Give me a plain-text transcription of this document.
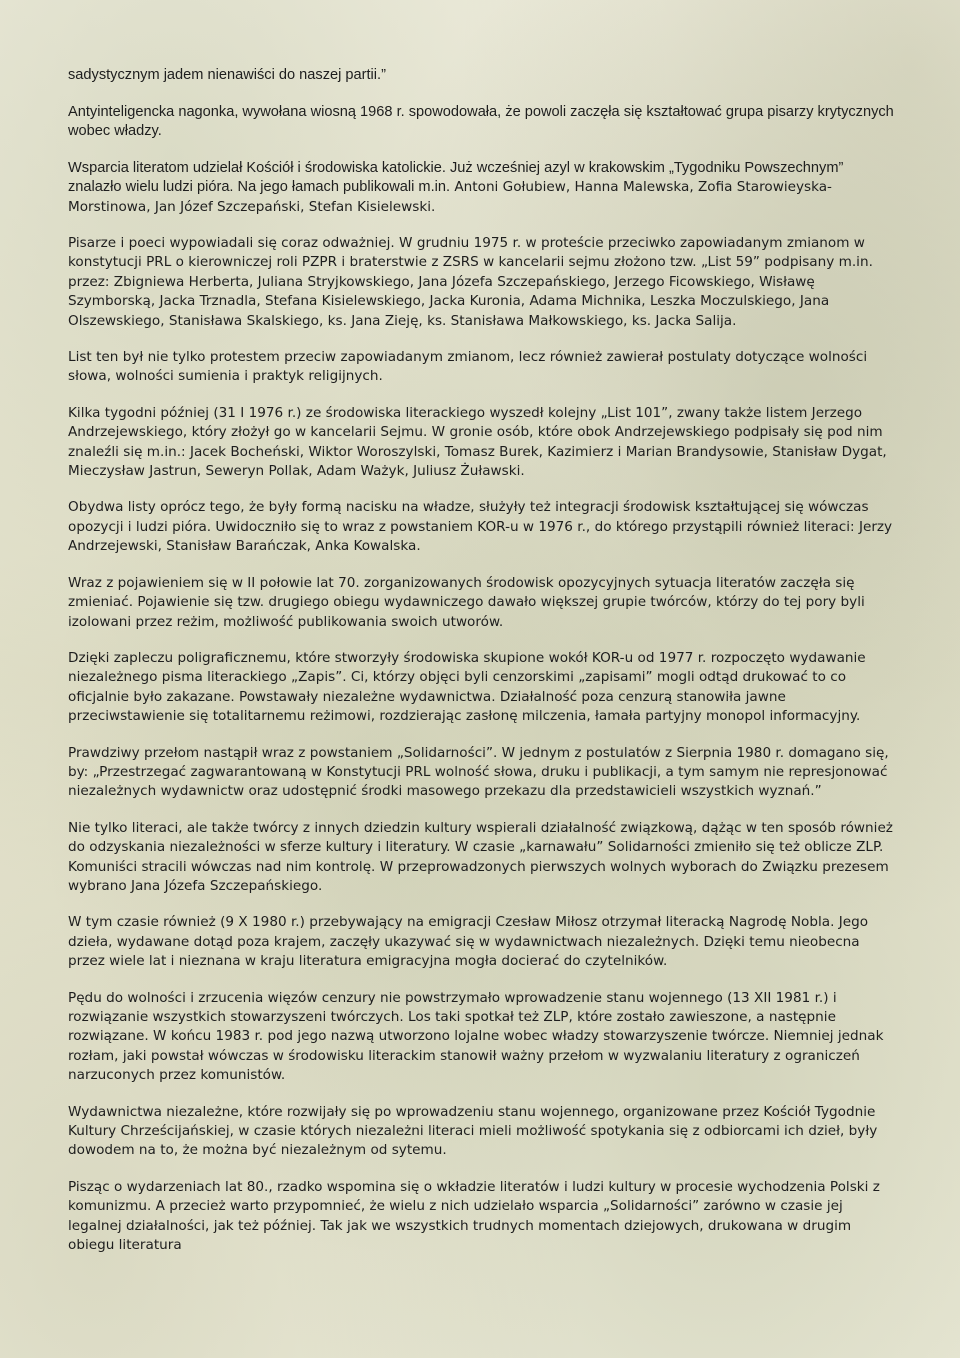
sadystycznym jadem nienawiści do naszej partii.”

Antyinteligencka nagonka, wywołana wiosną 1968 r. spowodowała, że powoli zaczęła się kształtować grupa pisarzy krytycznych wobec władzy.

Wsparcia literatom udzielał Kościół i środowiska katolickie. Już wcześniej azyl w krakowskim „Tygodniku Powszechnym” znalazło wielu ludzi pióra. Na jego łamach publikowali m.in. Antoni Gołubiew, Hanna Malewska, Zofia Starowieyska-Morstinowa, Jan Józef Szczepański, Stefan Kisielewski.

Pisarze i poeci wypowiadali się coraz odważniej. W grudniu 1975 r. w proteście przeciwko zapowiadanym zmianom w konstytucji PRL o kierowniczej roli PZPR i braterstwie z ZSRS w kancelarii sejmu złożono tzw. „List 59” podpisany m.in. przez: Zbigniewa Herberta, Juliana Stryjkowskiego, Jana Józefa Szczepańskiego, Jerzego Ficowskiego, Wisławę Szymborską, Jacka Trznadla, Stefana Kisielewskiego, Jacka Kuronia, Adama Michnika, Leszka Moczulskiego, Jana Olszewskiego, Stanisława Skalskiego, ks. Jana Zieję, ks. Stanisława Małkowskiego, ks. Jacka Salija.

List ten był nie tylko protestem przeciw zapowiadanym zmianom, lecz również zawierał postulaty dotyczące wolności słowa, wolności sumienia i praktyk religijnych.

Kilka tygodni później (31 I 1976 r.) ze środowiska literackiego wyszedł kolejny „List 101”, zwany także listem Jerzego Andrzejewskiego, który złożył go w kancelarii Sejmu. W gronie osób, które obok Andrzejewskiego podpisały się pod nim znaleźli się m.in.: Jacek Bocheński, Wiktor Woroszylski, Tomasz Burek, Kazimierz i Marian Brandysowie, Stanisław Dygat, Mieczysław Jastrun, Seweryn Pollak, Adam Ważyk, Juliusz Żuławski.

Obydwa listy oprócz tego, że były formą nacisku na władze, służyły też integracji środowisk kształtującej się wówczas opozycji i ludzi pióra. Uwidoczniło się to wraz z powstaniem KOR-u w 1976 r., do którego przystąpili również literaci: Jerzy Andrzejewski, Stanisław Barańczak, Anka Kowalska.

Wraz z pojawieniem się w II połowie lat 70. zorganizowanych środowisk opozycyjnych sytuacja literatów zaczęła się zmieniać. Pojawienie się tzw. drugiego obiegu wydawniczego dawało większej grupie twórców, którzy do tej pory byli izolowani przez reżim, możliwość publikowania swoich utworów.

Dzięki zapleczu poligraficznemu, które stworzyły środowiska skupione wokół KOR-u od 1977 r. rozpoczęto wydawanie niezależnego pisma literackiego „Zapis”. Ci, którzy objęci byli cenzorskimi „zapisami” mogli odtąd drukować to co oficjalnie było zakazane. Powstawały niezależne wydawnictwa. Działalność poza cenzurą stanowiła jawne przeciwstawienie się totalitarnemu reżimowi, rozdzierając zasłonę milczenia, łamała partyjny monopol informacyjny.

Prawdziwy przełom nastąpił wraz z powstaniem „Solidarności”. W jednym z postulatów z Sierpnia 1980 r. domagano się, by: „Przestrzegać zagwarantowaną w Konstytucji PRL wolność słowa, druku i publikacji, a tym samym nie represjonować niezależnych wydawnictw oraz udostępnić środki masowego przekazu dla przedstawicieli wszystkich wyznań.”

Nie tylko literaci, ale także twórcy z innych dziedzin kultury wspierali działalność związkową, dążąc w ten sposób również do odzyskania niezależności w sferze kultury i literatury. W czasie „karnawału” Solidarności zmieniło się też oblicze ZLP. Komuniści stracili wówczas nad nim kontrolę. W przeprowadzonych pierwszych wolnych wyborach do Związku prezesem wybrano Jana Józefa Szczepańskiego.

W tym czasie również (9 X 1980 r.) przebywający na emigracji Czesław Miłosz otrzymał literacką Nagrodę Nobla. Jego dzieła, wydawane dotąd poza krajem, zaczęły ukazywać się w wydawnictwach niezależnych. Dzięki temu nieobecna przez wiele lat i nieznana w kraju literatura emigracyjna mogła docierać do czytelników.

Pędu do wolności i zrzucenia więzów cenzury nie powstrzymało wprowadzenie stanu wojennego (13 XII 1981 r.) i rozwiązanie wszystkich stowarzyszeni twórczych. Los taki spotkał też ZLP, które zostało zawieszone, a następnie rozwiązane. W końcu 1983 r. pod jego nazwą utworzono lojalne wobec władzy stowarzyszenie twórcze. Niemniej jednak rozłam, jaki powstał wówczas w środowisku literackim stanowił ważny przełom w wyzwalaniu literatury z ograniczeń narzuconych przez komunistów.

Wydawnictwa niezależne, które rozwijały się po wprowadzeniu stanu wojennego, organizowane przez Kościół Tygodnie Kultury Chrześcijańskiej, w czasie których niezależni literaci mieli możliwość spotykania się z odbiorcami ich dzieł, były dowodem na to, że można być niezależnym od sytemu.

Pisząc o wydarzeniach lat 80., rzadko wspomina się o wkładzie literatów i ludzi kultury w procesie wychodzenia Polski z komunizmu. A przecież warto przypomnieć, że wielu z nich udzielało wsparcia „Solidarności” zarówno w czasie jej legalnej działalności, jak też później. Tak jak we wszystkich trudnych momentach dziejowych, drukowana w drugim obiegu literatura
